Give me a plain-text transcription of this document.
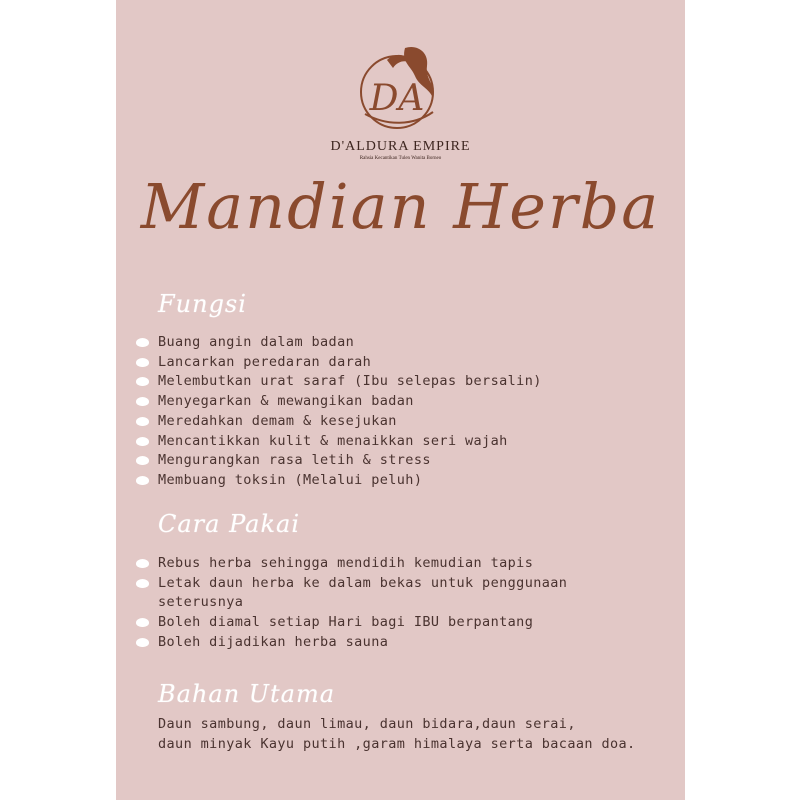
DA
D'ALDURA EMPIRE
Rahsia Kecantikan Tulen Wanita Borneo
Mandian Herba
Fungsi
Buang angin dalam badan
Lancarkan peredaran darah
Melembutkan urat saraf (Ibu selepas bersalin)
Menyegarkan & mewangikan badan
Meredahkan demam & kesejukan
Mencantikkan kulit & menaikkan seri wajah
Mengurangkan rasa letih & stress
Membuang toksin (Melalui peluh)
Cara Pakai
Rebus herba sehingga mendidih kemudian tapis
Letak daun herba ke dalam bekas untuk penggunaan seterusnya
Boleh diamal setiap Hari bagi IBU berpantang
Boleh dijadikan herba sauna
Bahan Utama
Daun sambung, daun limau, daun bidara,daun serai,
daun minyak Kayu putih ,garam himalaya serta bacaan doa.
